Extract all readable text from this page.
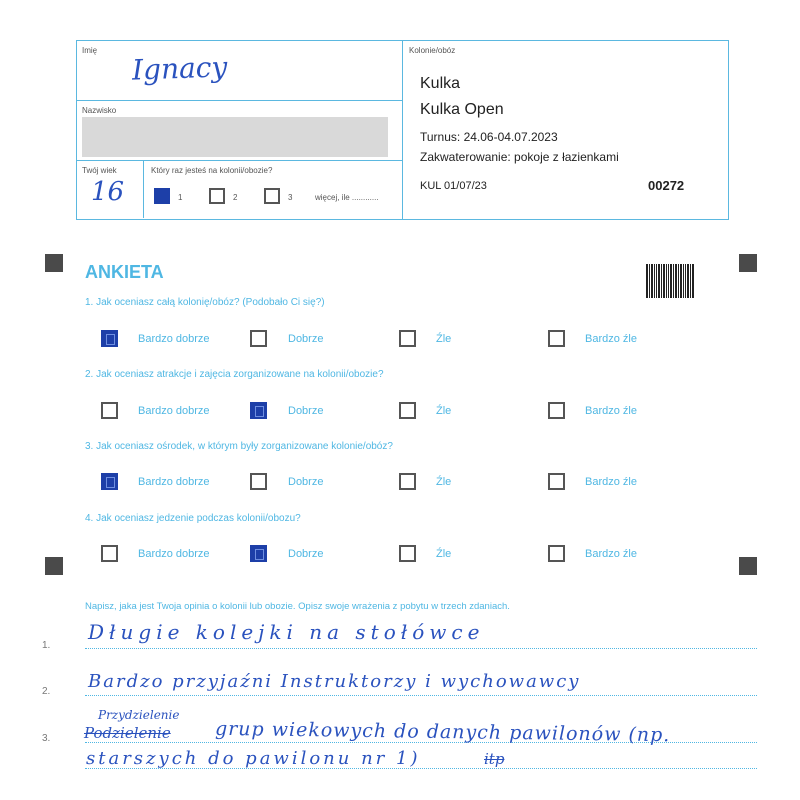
Imię Ignacy
Nazwisko
Twój wiek
16
Który raz jesteś na kolonii/obozie?
1	2	3	więcej, ile ............
Kolonie/obóz
Kulka
Kulka Open
Turnus: 24.06-04.07.2023
Zakwaterowanie: pokoje z łazienkami
KUL 01/07/23	00272
ANKIETA
1. Jak oceniasz całą kolonię/obóz? (Podobało Ci się?)
2. Jak oceniasz atrakcje i zajęcia zorganizowane na kolonii/obozie?
3. Jak oceniasz ośrodek, w którym były zorganizowane kolonie/obóz?
4. Jak oceniasz jedzenie podczas kolonii/obozu?
Bardzo dobrze	Dobrze	Źle	Bardzo źle
Bardzo dobrze	Dobrze	Źle	Bardzo źle
Bardzo dobrze	Dobrze	Źle	Bardzo źle
Bardzo dobrze	Dobrze	Źle	Bardzo źle
Napisz, jaka jest Twoja opinia o kolonii lub obozie. Opisz swoje wrażenia z pobytu w trzech zdaniach.
1.
2.
3.
Długie kolejki na stołówce
Bardzo przyjaźni Instruktorzy i wychowawcy
Przydzielenie
Podzielenie grup wiekowych do danych pawilonów (np.
starszych do pawilonu nr 1)	itp
